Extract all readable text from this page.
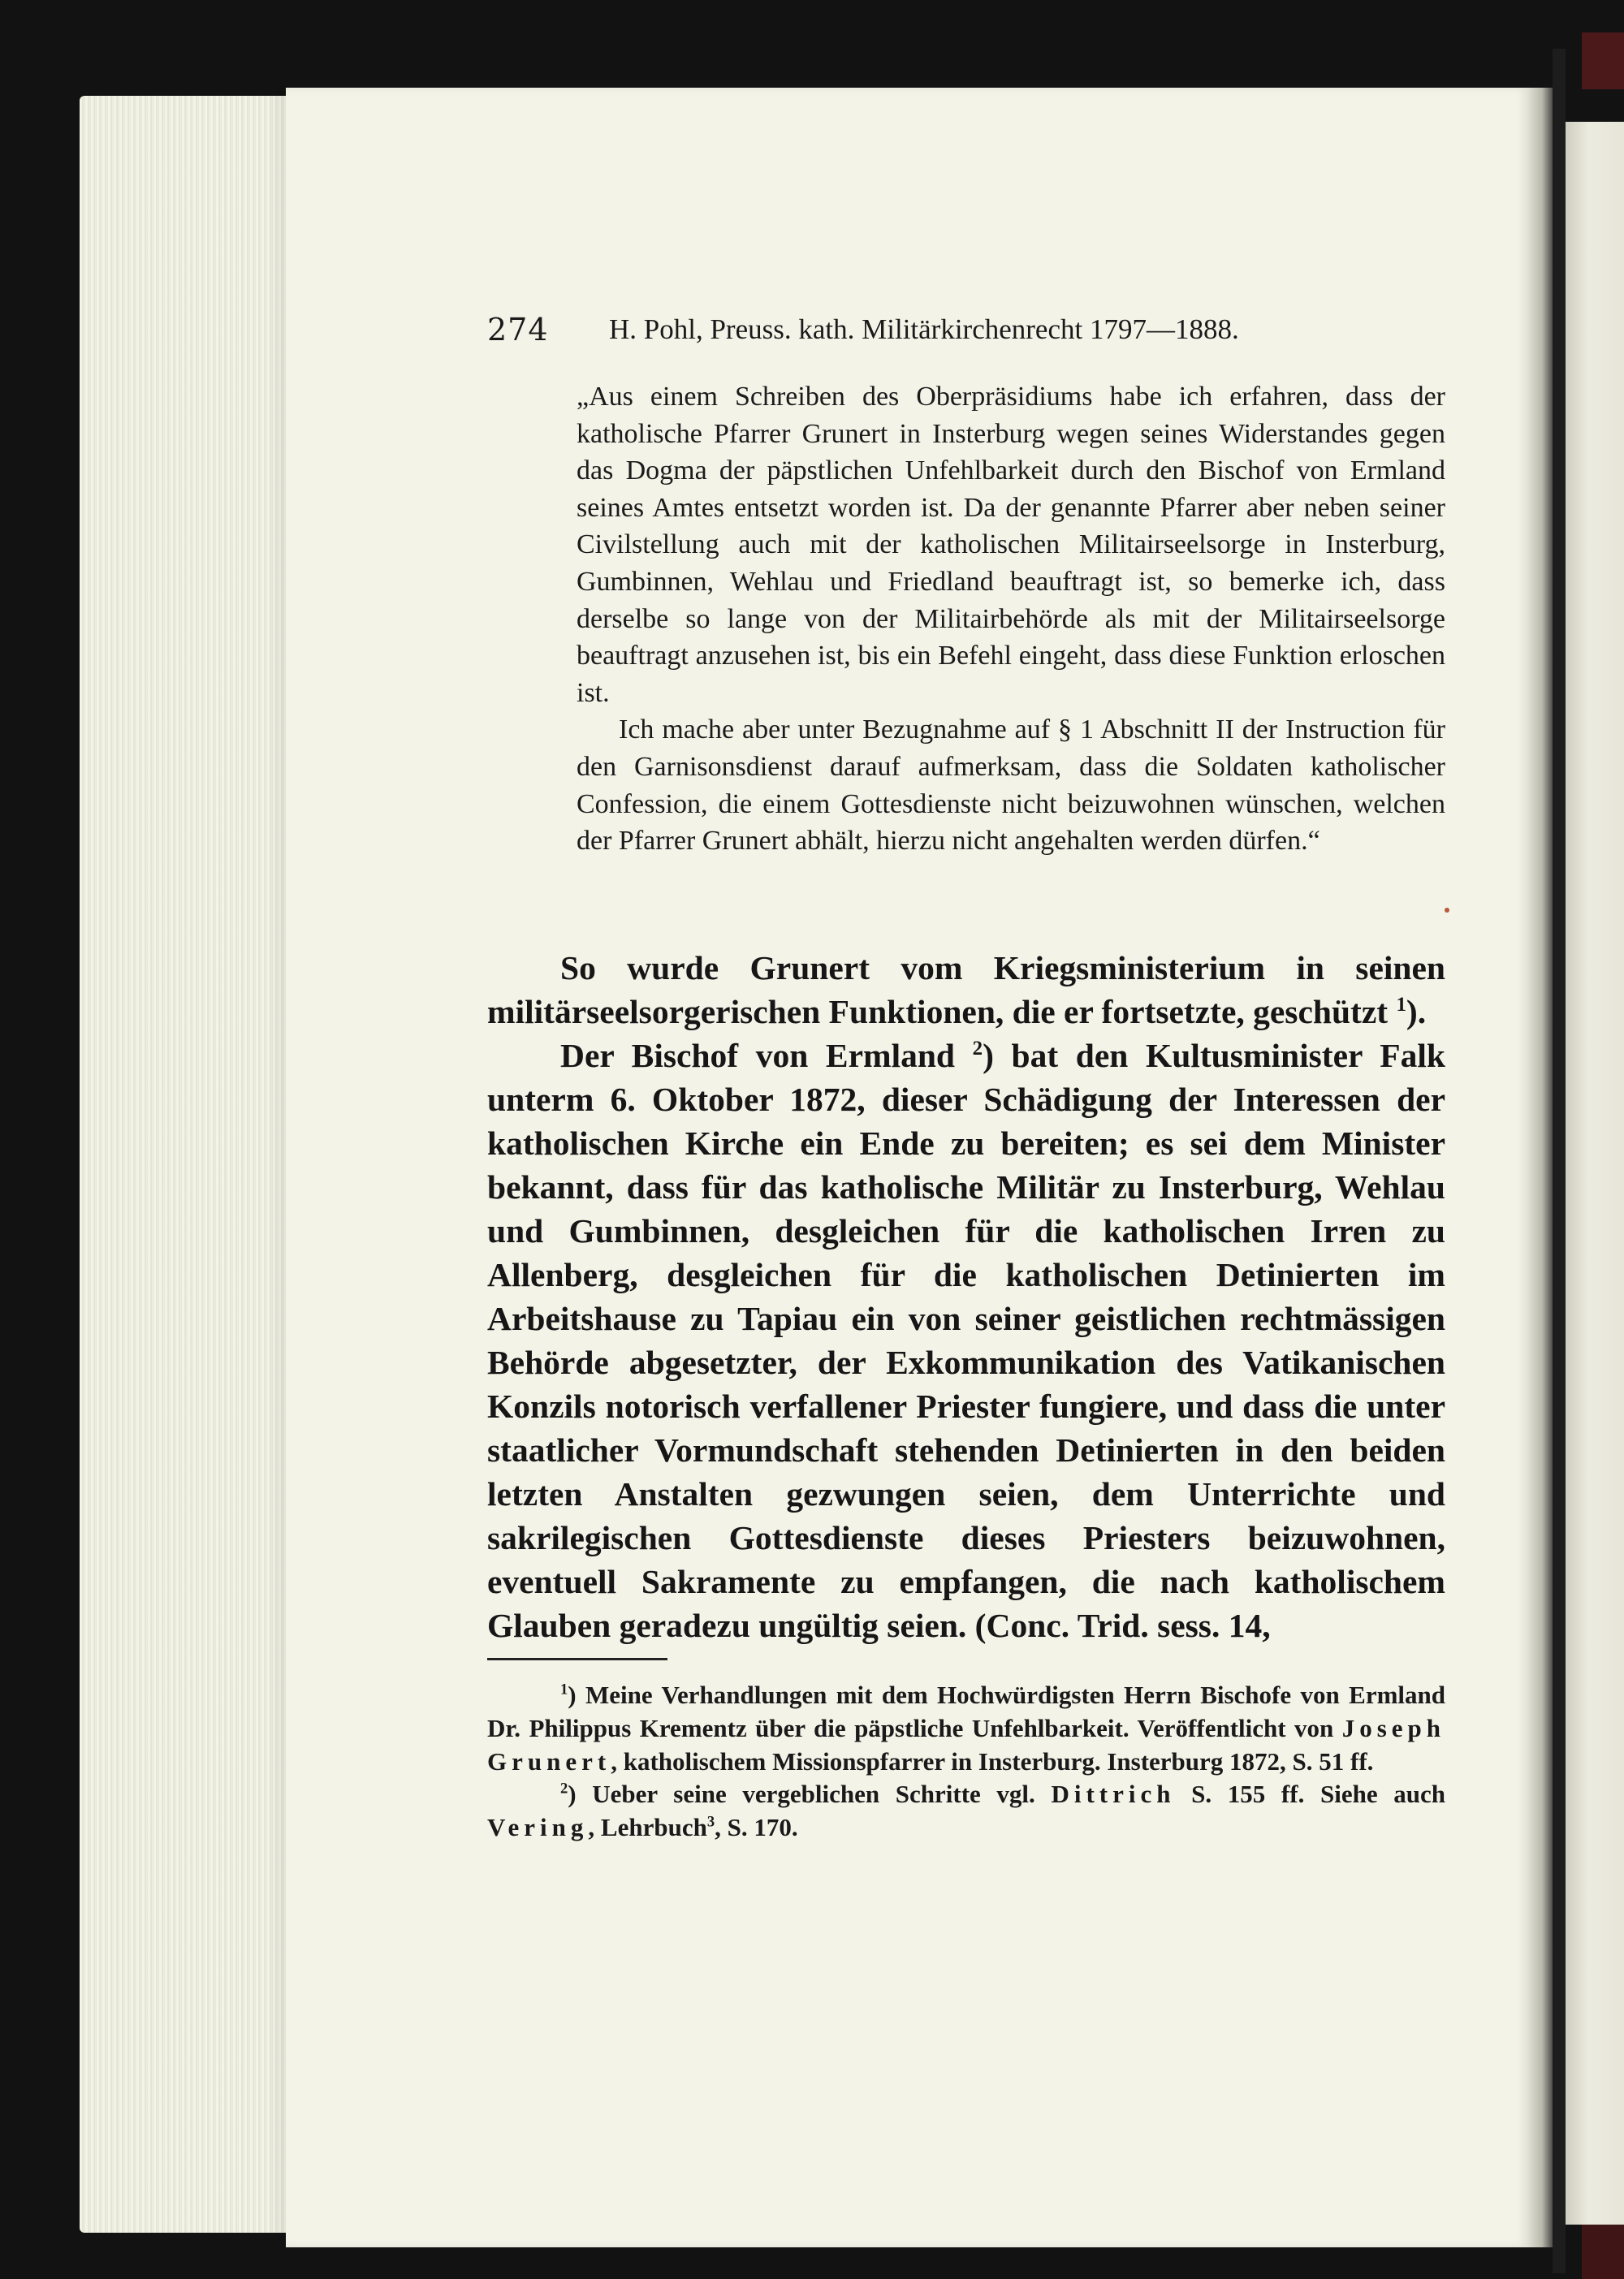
274 H. Pohl, Preuss. kath. Militärkirchenrecht 1797—1888.

„Aus einem Schreiben des Oberpräsidiums habe ich erfahren, dass der katholische Pfarrer Grunert in Insterburg wegen seines Widerstandes gegen das Dogma der päpstlichen Unfehlbarkeit durch den Bischof von Ermland seines Amtes entsetzt worden ist. Da der genannte Pfarrer aber neben seiner Civilstellung auch mit der katholischen Militairseelsorge in Insterburg, Gumbinnen, Wehlau und Friedland beauftragt ist, so bemerke ich, dass derselbe so lange von der Militairbehörde als mit der Militairseelsorge beauftragt anzusehen ist, bis ein Befehl eingeht, dass diese Funktion erloschen ist.

Ich mache aber unter Bezugnahme auf § 1 Abschnitt II der Instruction für den Garnisonsdienst darauf aufmerksam, dass die Soldaten katholischer Confession, die einem Gottesdienste nicht beizuwohnen wünschen, welchen der Pfarrer Grunert abhält, hierzu nicht angehalten werden dürfen.“

So wurde Grunert vom Kriegsministerium in seinen militärseelsorgerischen Funktionen, die er fortsetzte, geschützt $^1$).

Der Bischof von Ermland $^2$) bat den Kultusminister Falk unterm 6. Oktober 1872, dieser Schädigung der Interessen der katholischen Kirche ein Ende zu bereiten; es sei dem Minister bekannt, dass für das katholische Militär zu Insterburg, Wehlau und Gumbinnen, desgleichen für die katholischen Irren zu Allenberg, desgleichen für die katholischen Detinierten im Arbeitshause zu Tapiau ein von seiner geistlichen rechtmässigen Behörde abgesetzter, der Exkommunikation des Vatikanischen Konzils notorisch verfallener Priester fungiere, und dass die unter staatlicher Vormundschaft stehenden Detinierten in den beiden letzten Anstalten gezwungen seien, dem Unterrichte und sakrilegischen Gottesdienste dieses Priesters beizuwohnen, eventuell Sakramente zu empfangen, die nach katholischem Glauben geradezu ungültig seien. (Conc. Trid. sess. 14,

$^1$) Meine Verhandlungen mit dem Hochwürdigsten Herrn Bischofe von Ermland Dr. Philippus Krementz über die päpstliche Unfehlbarkeit. Veröffentlicht von Joseph Grunert, katholischem Missionspfarrer in Insterburg. Insterburg 1872, S. 51 ff.

$^2$) Ueber seine vergeblichen Schritte vgl. Dittrich S. 155 ff. Siehe auch Vering, Lehrbuch$^3$, S. 170.
